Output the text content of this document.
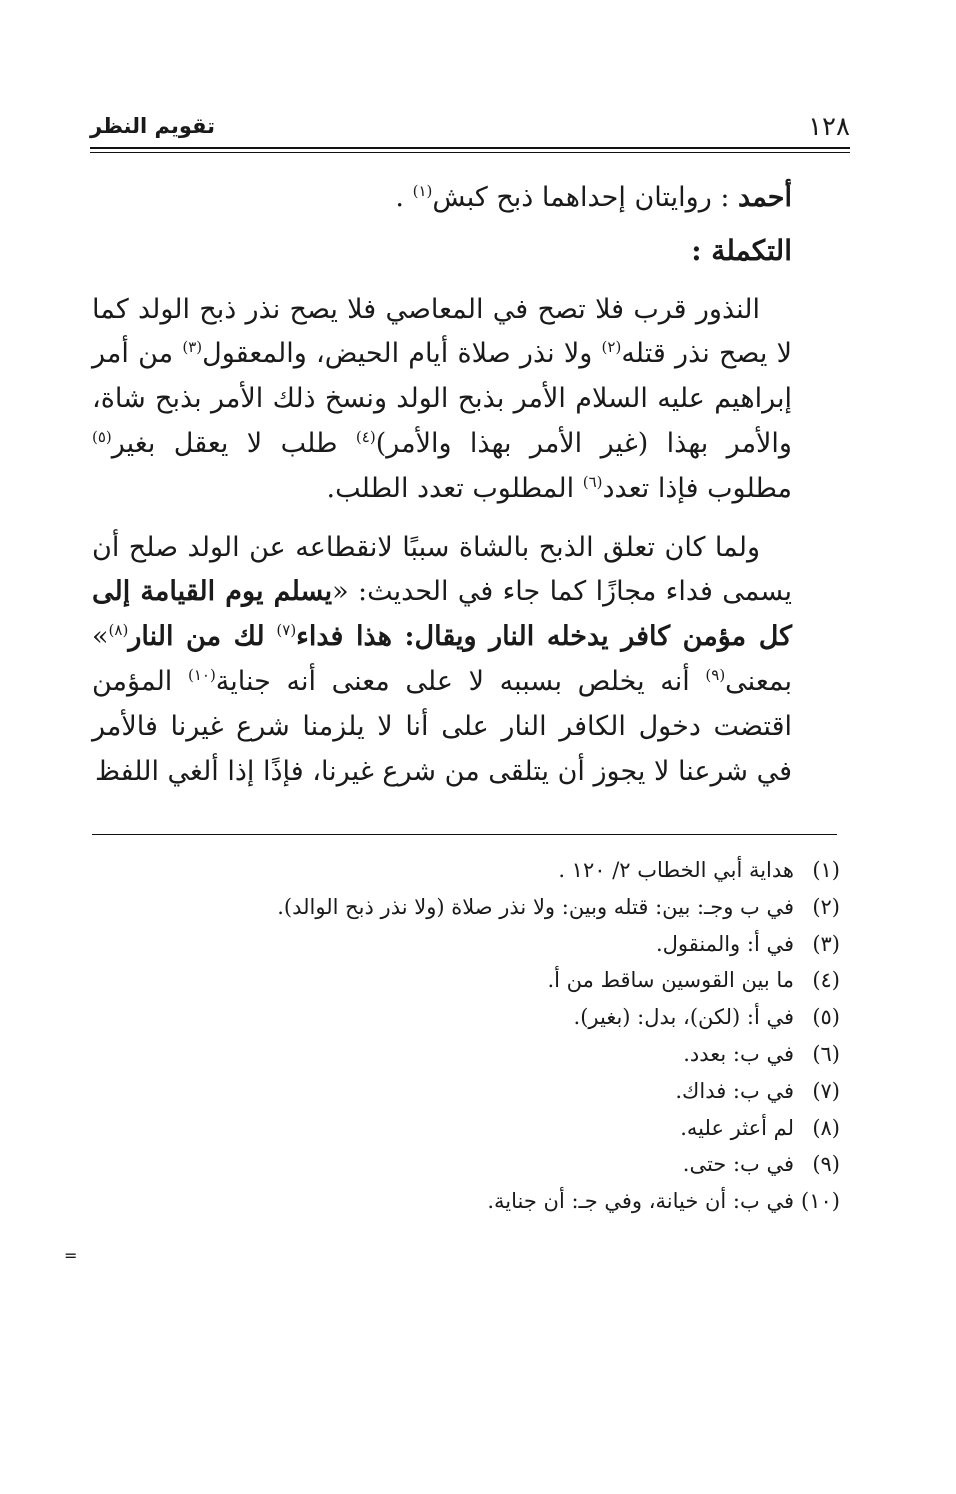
١٢٨
تقويم النظر

أحمد : روايتان إحداهما ذبح كبش$^{(١)}$ .

التكملة :

النذور قرب فلا تصح في المعاصي فلا يصح نذر ذبح الولد كما لا يصح نذر قتله$^{(٢)}$ ولا نذر صلاة أيام الحيض، والمعقول$^{(٣)}$ من أمر إبراهيم عليه السلام الأمر بذبح الولد ونسخ ذلك الأمر بذبح شاة، والأمر بهذا (غير الأمر بهذا والأمر)$^{(٤)}$ طلب لا يعقل بغير$^{(٥)}$ مطلوب فإذا تعدد$^{(٦)}$ المطلوب تعدد الطلب.

ولما كان تعلق الذبح بالشاة سببًا لانقطاعه عن الولد صلح أن يسمى فداء مجازًا كما جاء في الحديث: «يسلم يوم القيامة إلى كل مؤمن كافر يدخله النار ويقال: هذا فداء$^{(٧)}$ لك من النار$^{(٨)}$» بمعنى$^{(٩)}$ أنه يخلص بسببه لا على معنى أنه جناية$^{(١٠)}$ المؤمن اقتضت دخول الكافر النار على أنا لا يلزمنا شرع غيرنا فالأمر في شرعنا لا يجوز أن يتلقى من شرع غيرنا، فإذًا إذا ألغي اللفظ

(١)هداية أبي الخطاب ٢/ ١٢٠ .
(٢)في ب وجـ: بين: قتله وبين: ولا نذر صلاة (ولا نذر ذبح الوالد).
(٣)في أ: والمنقول.
(٤)ما بين القوسين ساقط من أ.
(٥)في أ: (لكن)، بدل: (بغير).
(٦)في ب: بعدد.
(٧)في ب: فداك.
(٨)لم أعثر عليه.
(٩)في ب: حتى.
(١٠)في ب: أن خيانة، وفي جـ: أن جناية.
=
